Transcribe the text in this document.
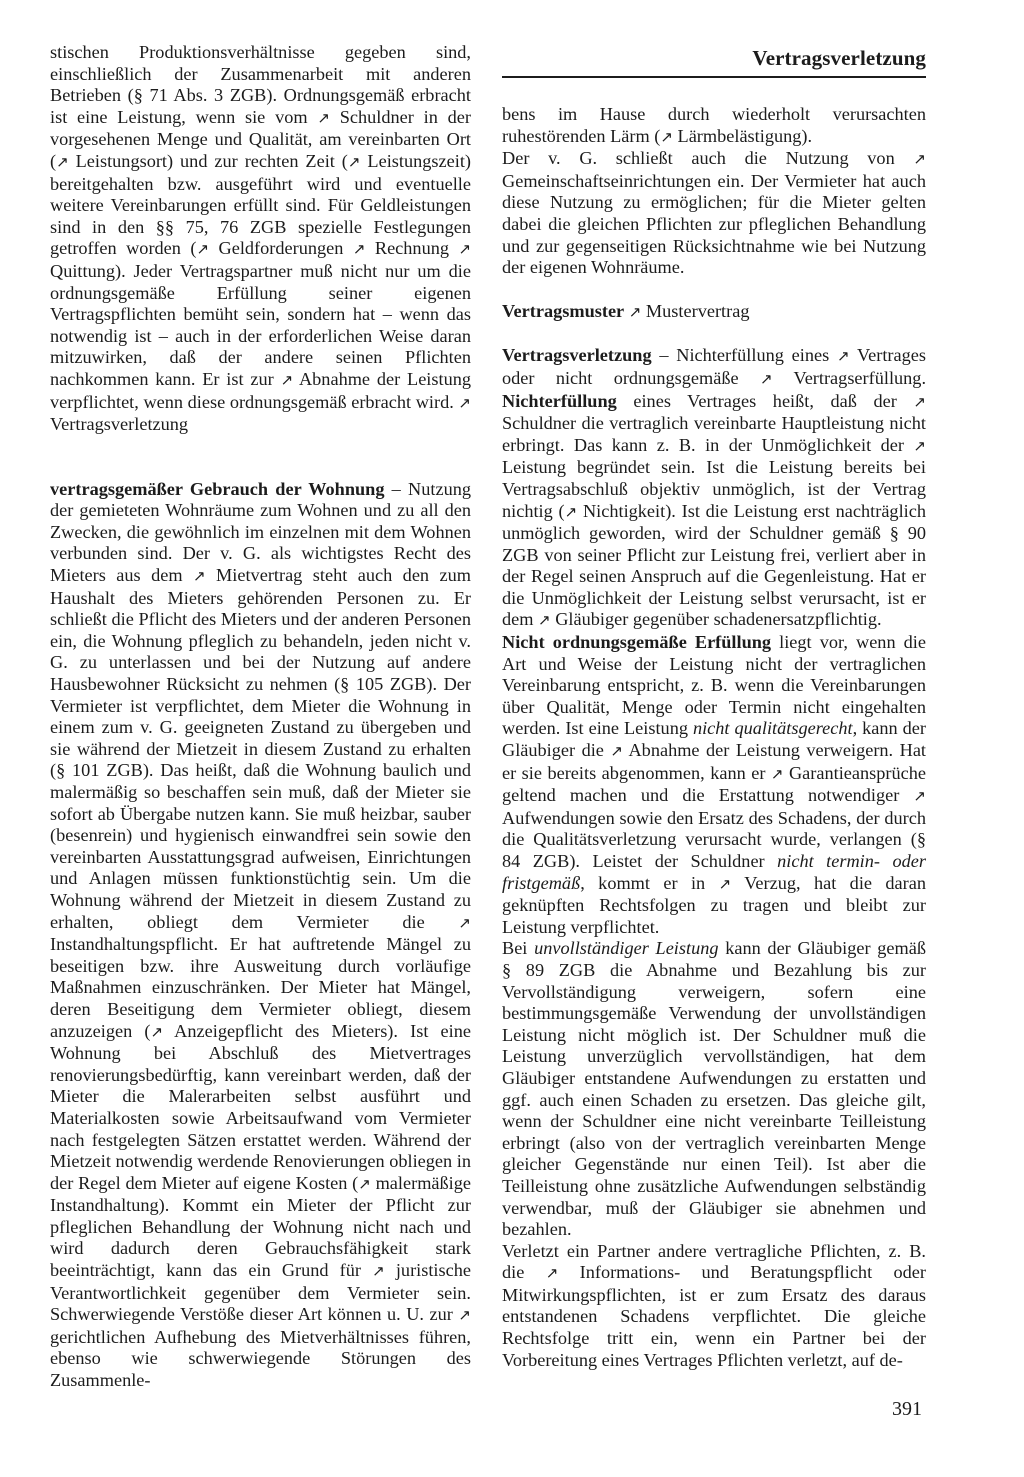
Vertragsverletzung

stischen Produktionsverhältnisse gegeben sind, einschließlich der Zusammenarbeit mit anderen Betrieben (§ 71 Abs. 3 ZGB). Ordnungsgemäß erbracht ist eine Leistung, wenn sie vom ↗ Schuldner in der vorgesehenen Menge und Qualität, am vereinbarten Ort (↗ Leistungsort) und zur rechten Zeit (↗ Leistungszeit) bereitgehalten bzw. ausgeführt wird und eventuelle weitere Vereinbarungen erfüllt sind. Für Geldleistungen sind in den §§ 75, 76 ZGB spezielle Festlegungen getroffen worden (↗ Geldforderungen ↗ Rechnung ↗ Quittung). Jeder Vertragspartner muß nicht nur um die ordnungsgemäße Erfüllung seiner eigenen Vertragspflichten bemüht sein, sondern hat – wenn das notwendig ist – auch in der erforderlichen Weise daran mitzuwirken, daß der andere seinen Pflichten nachkommen kann. Er ist zur ↗ Abnahme der Leistung verpflichtet, wenn diese ordnungsgemäß erbracht wird. ↗ Vertragsverletzung

vertragsgemäßer Gebrauch der Wohnung – Nutzung der gemieteten Wohnräume zum Wohnen und zu all den Zwecken, die gewöhnlich im einzelnen mit dem Wohnen verbunden sind. Der v. G. als wichtigstes Recht des Mieters aus dem ↗ Mietvertrag steht auch den zum Haushalt des Mieters gehörenden Personen zu. Er schließt die Pflicht des Mieters und der anderen Personen ein, die Wohnung pfleglich zu behandeln, jeden nicht v. G. zu unterlassen und bei der Nutzung auf andere Hausbewohner Rücksicht zu nehmen (§ 105 ZGB). Der Vermieter ist verpflichtet, dem Mieter die Wohnung in einem zum v. G. geeigneten Zustand zu übergeben und sie während der Mietzeit in diesem Zustand zu erhalten (§ 101 ZGB). Das heißt, daß die Wohnung baulich und malermäßig so beschaffen sein muß, daß der Mieter sie sofort ab Übergabe nutzen kann. Sie muß heizbar, sauber (besenrein) und hygienisch einwandfrei sein sowie den vereinbarten Ausstattungsgrad aufweisen, Einrichtungen und Anlagen müssen funktionstüchtig sein. Um die Wohnung während der Mietzeit in diesem Zustand zu erhalten, obliegt dem Vermieter die ↗ Instandhaltungspflicht. Er hat auftretende Mängel zu beseitigen bzw. ihre Ausweitung durch vorläufige Maßnahmen einzuschränken. Der Mieter hat Mängel, deren Beseitigung dem Vermieter obliegt, diesem anzuzeigen (↗ Anzeigepflicht des Mieters). Ist eine Wohnung bei Abschluß des Mietvertrages renovierungsbedürftig, kann vereinbart werden, daß der Mieter die Malerarbeiten selbst ausführt und Materialkosten sowie Arbeitsaufwand vom Vermieter nach festgelegten Sätzen erstattet werden. Während der Mietzeit notwendig werdende Renovierungen obliegen in der Regel dem Mieter auf eigene Kosten (↗ malermäßige Instandhaltung). Kommt ein Mieter der Pflicht zur pfleglichen Behandlung der Wohnung nicht nach und wird dadurch deren Gebrauchsfähigkeit stark beeinträchtigt, kann das ein Grund für ↗ juristische Verantwortlichkeit gegenüber dem Vermieter sein. Schwerwiegende Verstöße dieser Art können u. U. zur ↗ gerichtlichen Aufhebung des Mietverhältnisses führen, ebenso wie schwerwiegende Störungen des Zusammenle-

bens im Hause durch wiederholt verursachten ruhestörenden Lärm (↗ Lärmbelästigung).

Der v. G. schließt auch die Nutzung von ↗ Gemeinschaftseinrichtungen ein. Der Vermieter hat auch diese Nutzung zu ermöglichen; für die Mieter gelten dabei die gleichen Pflichten zur pfleglichen Behandlung und zur gegenseitigen Rücksichtnahme wie bei Nutzung der eigenen Wohnräume.

Vertragsmuster ↗ Mustervertrag

Vertragsverletzung – Nichterfüllung eines ↗ Vertrages oder nicht ordnungsgemäße ↗ Vertragserfüllung. Nichterfüllung eines Vertrages heißt, daß der ↗ Schuldner die vertraglich vereinbarte Hauptleistung nicht erbringt. Das kann z. B. in der Unmöglichkeit der ↗ Leistung begründet sein. Ist die Leistung bereits bei Vertragsabschluß objektiv unmöglich, ist der Vertrag nichtig (↗ Nichtigkeit). Ist die Leistung erst nachträglich unmöglich geworden, wird der Schuldner gemäß § 90 ZGB von seiner Pflicht zur Leistung frei, verliert aber in der Regel seinen Anspruch auf die Gegenleistung. Hat er die Unmöglichkeit der Leistung selbst verursacht, ist er dem ↗ Gläubiger gegenüber schadenersatzpflichtig.

Nicht ordnungsgemäße Erfüllung liegt vor, wenn die Art und Weise der Leistung nicht der vertraglichen Vereinbarung entspricht, z. B. wenn die Vereinbarungen über Qualität, Menge oder Termin nicht eingehalten werden. Ist eine Leistung nicht qualitätsgerecht, kann der Gläubiger die ↗ Abnahme der Leistung verweigern. Hat er sie bereits abgenommen, kann er ↗ Garantieansprüche geltend machen und die Erstattung notwendiger ↗ Aufwendungen sowie den Ersatz des Schadens, der durch die Qualitätsverletzung verursacht wurde, verlangen (§ 84 ZGB). Leistet der Schuldner nicht termin- oder fristgemäß, kommt er in ↗ Verzug, hat die daran geknüpften Rechtsfolgen zu tragen und bleibt zur Leistung verpflichtet.

Bei unvollständiger Leistung kann der Gläubiger gemäß § 89 ZGB die Abnahme und Bezahlung bis zur Vervollständigung verweigern, sofern eine bestimmungsgemäße Verwendung der unvollständigen Leistung nicht möglich ist. Der Schuldner muß die Leistung unverzüglich vervollständigen, hat dem Gläubiger entstandene Aufwendungen zu erstatten und ggf. auch einen Schaden zu ersetzen. Das gleiche gilt, wenn der Schuldner eine nicht vereinbarte Teilleistung erbringt (also von der vertraglich vereinbarten Menge gleicher Gegenstände nur einen Teil). Ist aber die Teilleistung ohne zusätzliche Aufwendungen selbständig verwendbar, muß der Gläubiger sie abnehmen und bezahlen.

Verletzt ein Partner andere vertragliche Pflichten, z. B. die ↗ Informations- und Beratungspflicht oder Mitwirkungspflichten, ist er zum Ersatz des daraus entstandenen Schadens verpflichtet. Die gleiche Rechtsfolge tritt ein, wenn ein Partner bei der Vorbereitung eines Vertrages Pflichten verletzt, auf de-

391
